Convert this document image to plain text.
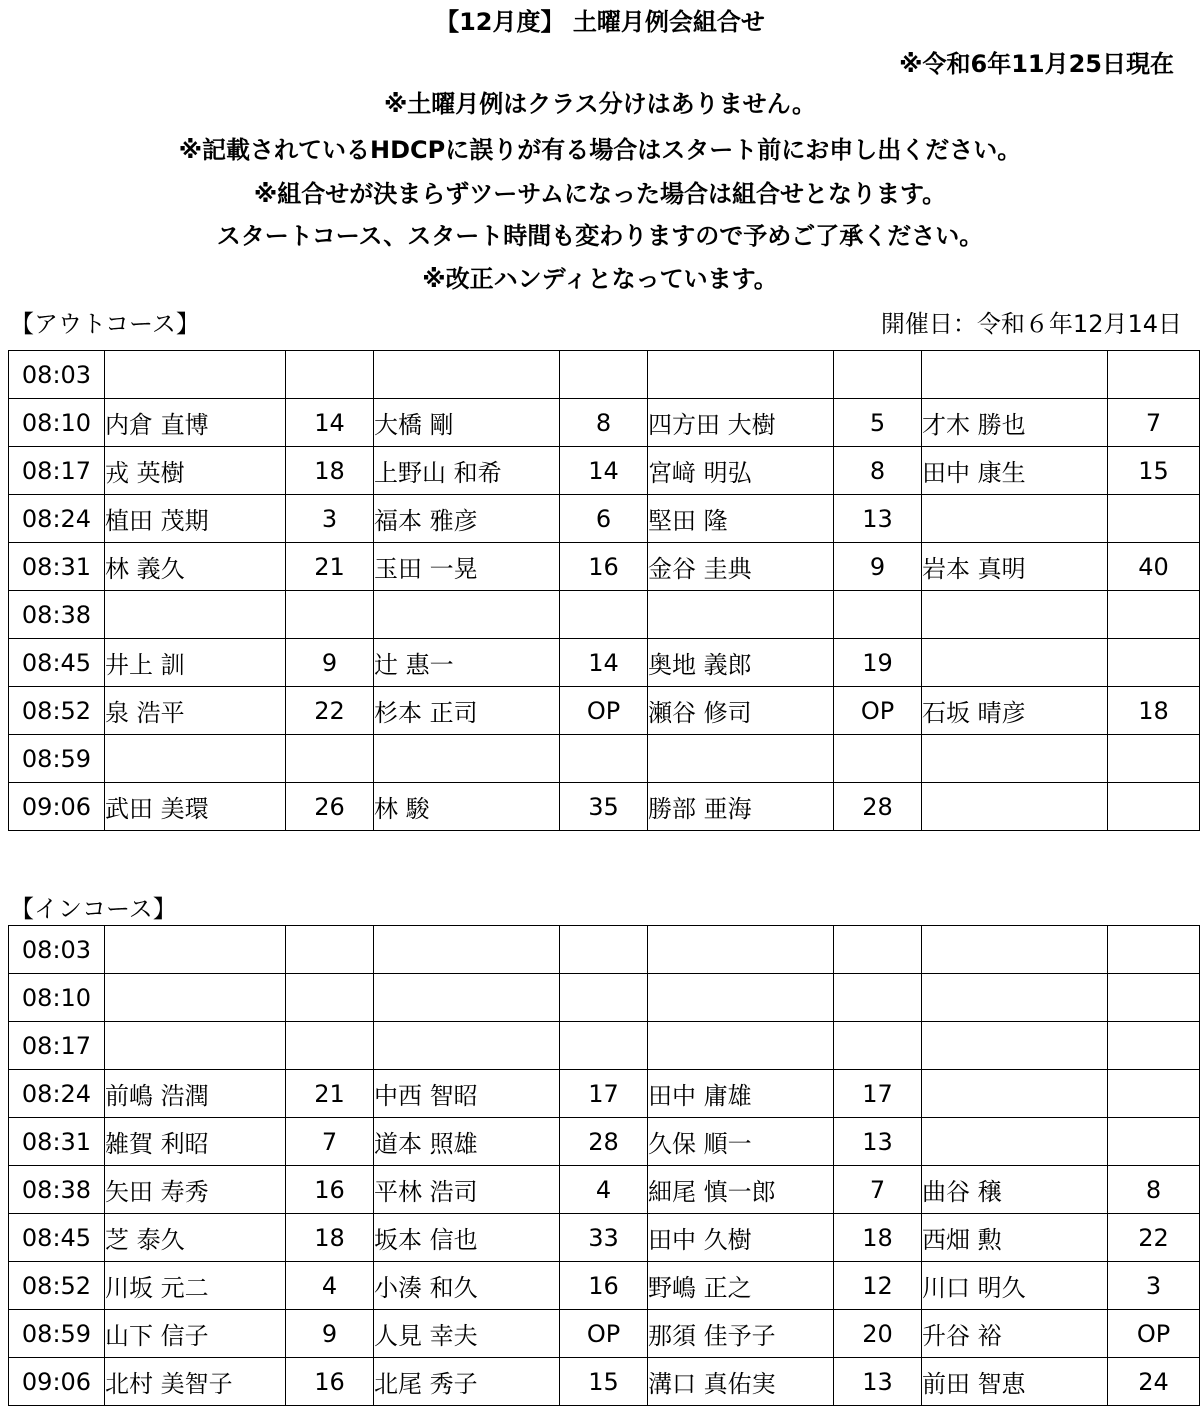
【12月度】 土曜月例会組合せ
※令和6年11月25日現在
※土曜月例はクラス分けはありません。
※記載されているHDCPに誤りが有る場合はスタート前にお申し出ください。
※組合せが決まらずツーサムになった場合は組合せとなります。
スタートコース、スタート時間も変わりますので予めご了承ください。
※改正ハンディとなっています。
【アウトコース】	開催日：令和６年12月14日
08:03								
08:10	内倉 直博	14	大橋 剛	8	四方田 大樹	5	才木 勝也	7
08:17	戎 英樹	18	上野山 和希	14	宮﨑 明弘	8	田中 康生	15
08:24	植田 茂期	3	福本 雅彦	6	堅田 隆	13		
08:31	林 義久	21	玉田 一晃	16	金谷 圭典	9	岩本 真明	40
08:38								
08:45	井上 訓	9	辻 惠一	14	奥地 義郎	19		
08:52	泉 浩平	22	杉本 正司	OP	瀬谷 修司	OP	石坂 晴彦	18
08:59								
09:06	武田 美環	26	林 駿	35	勝部 亜海	28		
【インコース】
08:03								
08:10								
08:17								
08:24	前嶋 浩潤	21	中西 智昭	17	田中 庸雄	17		
08:31	雑賀 利昭	7	道本 照雄	28	久保 順一	13		
08:38	矢田 寿秀	16	平林 浩司	4	細尾 慎一郎	7	曲谷 穣	8
08:45	芝 泰久	18	坂本 信也	33	田中 久樹	18	西畑 勲	22
08:52	川坂 元二	4	小湊 和久	16	野嶋 正之	12	川口 明久	3
08:59	山下 信子	9	人見 幸夫	OP	那須 佳予子	20	升谷 裕	OP
09:06	北村 美智子	16	北尾 秀子	15	溝口 真佑実	13	前田 智恵	24
